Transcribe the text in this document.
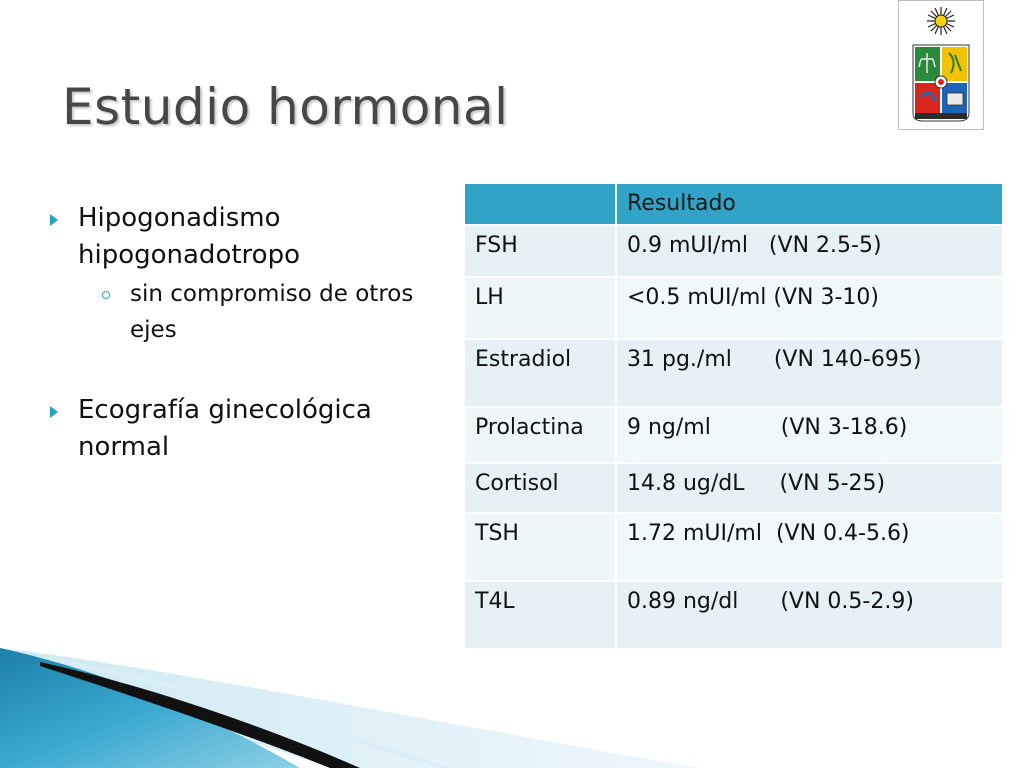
Estudio hormonal
Hipogonadismo hipogonadotropo
sin compromiso de otros ejes
Ecografía ginecológica normal
	Resultado
FSH	0.9 mUI/ml   (VN 2.5-5)
LH	<0.5 mUI/ml (VN 3-10)
Estradiol	31 pg./ml      (VN 140-695)
Prolactina	9 ng/ml          (VN 3-18.6)
Cortisol	14.8 ug/dL     (VN 5-25)
TSH	1.72 mUI/ml  (VN 0.4-5.6)
T4L	0.89 ng/dl      (VN 0.5-2.9)
